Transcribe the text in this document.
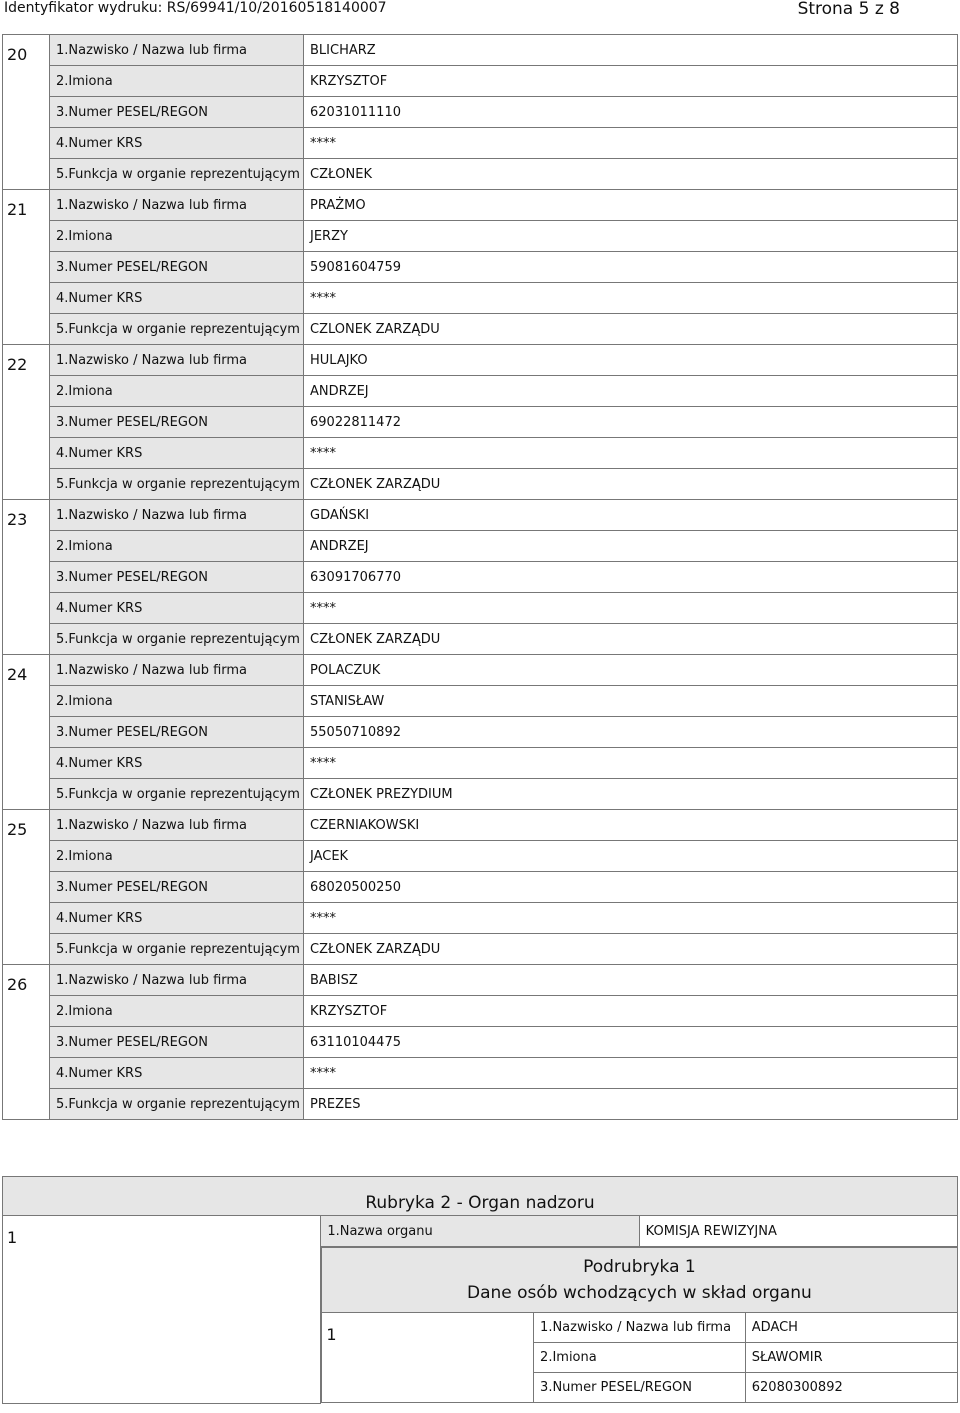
Identyfikator wydruku: RS/69941/10/20160518140007	Strona 5 z 8
20	1.Nazwisko / Nazwa lub firma	BLICHARZ
	2.Imiona	KRZYSZTOF
	3.Numer PESEL/REGON	62031011110
	4.Numer KRS	****
	5.Funkcja w organie reprezentującym	CZŁONEK
21	1.Nazwisko / Nazwa lub firma	PRAŻMO
	2.Imiona	JERZY
	3.Numer PESEL/REGON	59081604759
	4.Numer KRS	****
	5.Funkcja w organie reprezentującym	CZLONEK ZARZĄDU
22	1.Nazwisko / Nazwa lub firma	HULAJKO
	2.Imiona	ANDRZEJ
	3.Numer PESEL/REGON	69022811472
	4.Numer KRS	****
	5.Funkcja w organie reprezentującym	CZŁONEK ZARZĄDU
23	1.Nazwisko / Nazwa lub firma	GDAŃSKI
	2.Imiona	ANDRZEJ
	3.Numer PESEL/REGON	63091706770
	4.Numer KRS	****
	5.Funkcja w organie reprezentującym	CZŁONEK ZARZĄDU
24	1.Nazwisko / Nazwa lub firma	POLACZUK
	2.Imiona	STANISŁAW
	3.Numer PESEL/REGON	55050710892
	4.Numer KRS	****
	5.Funkcja w organie reprezentującym	CZŁONEK PREZYDIUM
25	1.Nazwisko / Nazwa lub firma	CZERNIAKOWSKI
	2.Imiona	JACEK
	3.Numer PESEL/REGON	68020500250
	4.Numer KRS	****
	5.Funkcja w organie reprezentującym	CZŁONEK ZARZĄDU
26	1.Nazwisko / Nazwa lub firma	BABISZ
	2.Imiona	KRZYSZTOF
	3.Numer PESEL/REGON	63110104475
	4.Numer KRS	****
	5.Funkcja w organie reprezentującym	PREZES
Rubryka 2 - Organ nadzoru
1	1.Nazwa organu	KOMISJA REWIZYJNA

Podrubryka 1
Dane osób wchodzących w skład organu

1	1.Nazwisko / Nazwa lub firma	ADACH
2.Imiona	SŁAWOMIR
3.Numer PESEL/REGON	62080300892
